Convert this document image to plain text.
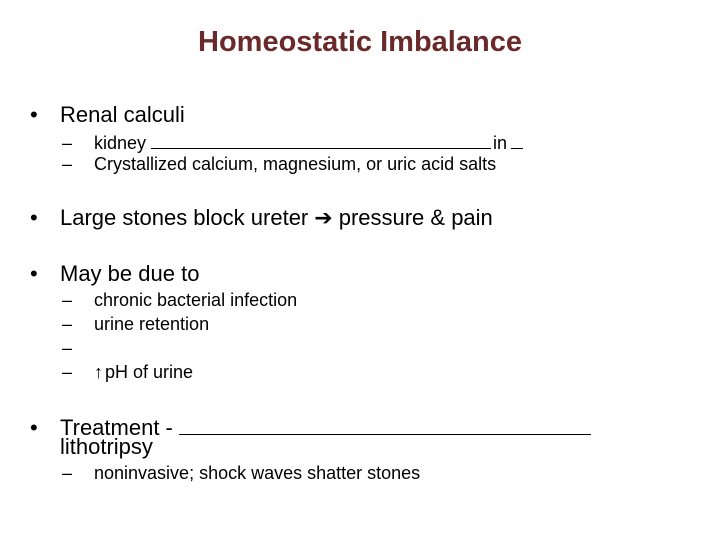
Homeostatic Imbalance
• Renal calculi
– kidney	in
– Crystallized calcium, magnesium, or uric acid salts
• Large stones block ureter ➔ pressure & pain
• May be due to
– chronic bacterial infection
– urine retention
–
– ↑ pH of urine
• Treatment -
lithotripsy
– noninvasive; shock waves shatter stones
